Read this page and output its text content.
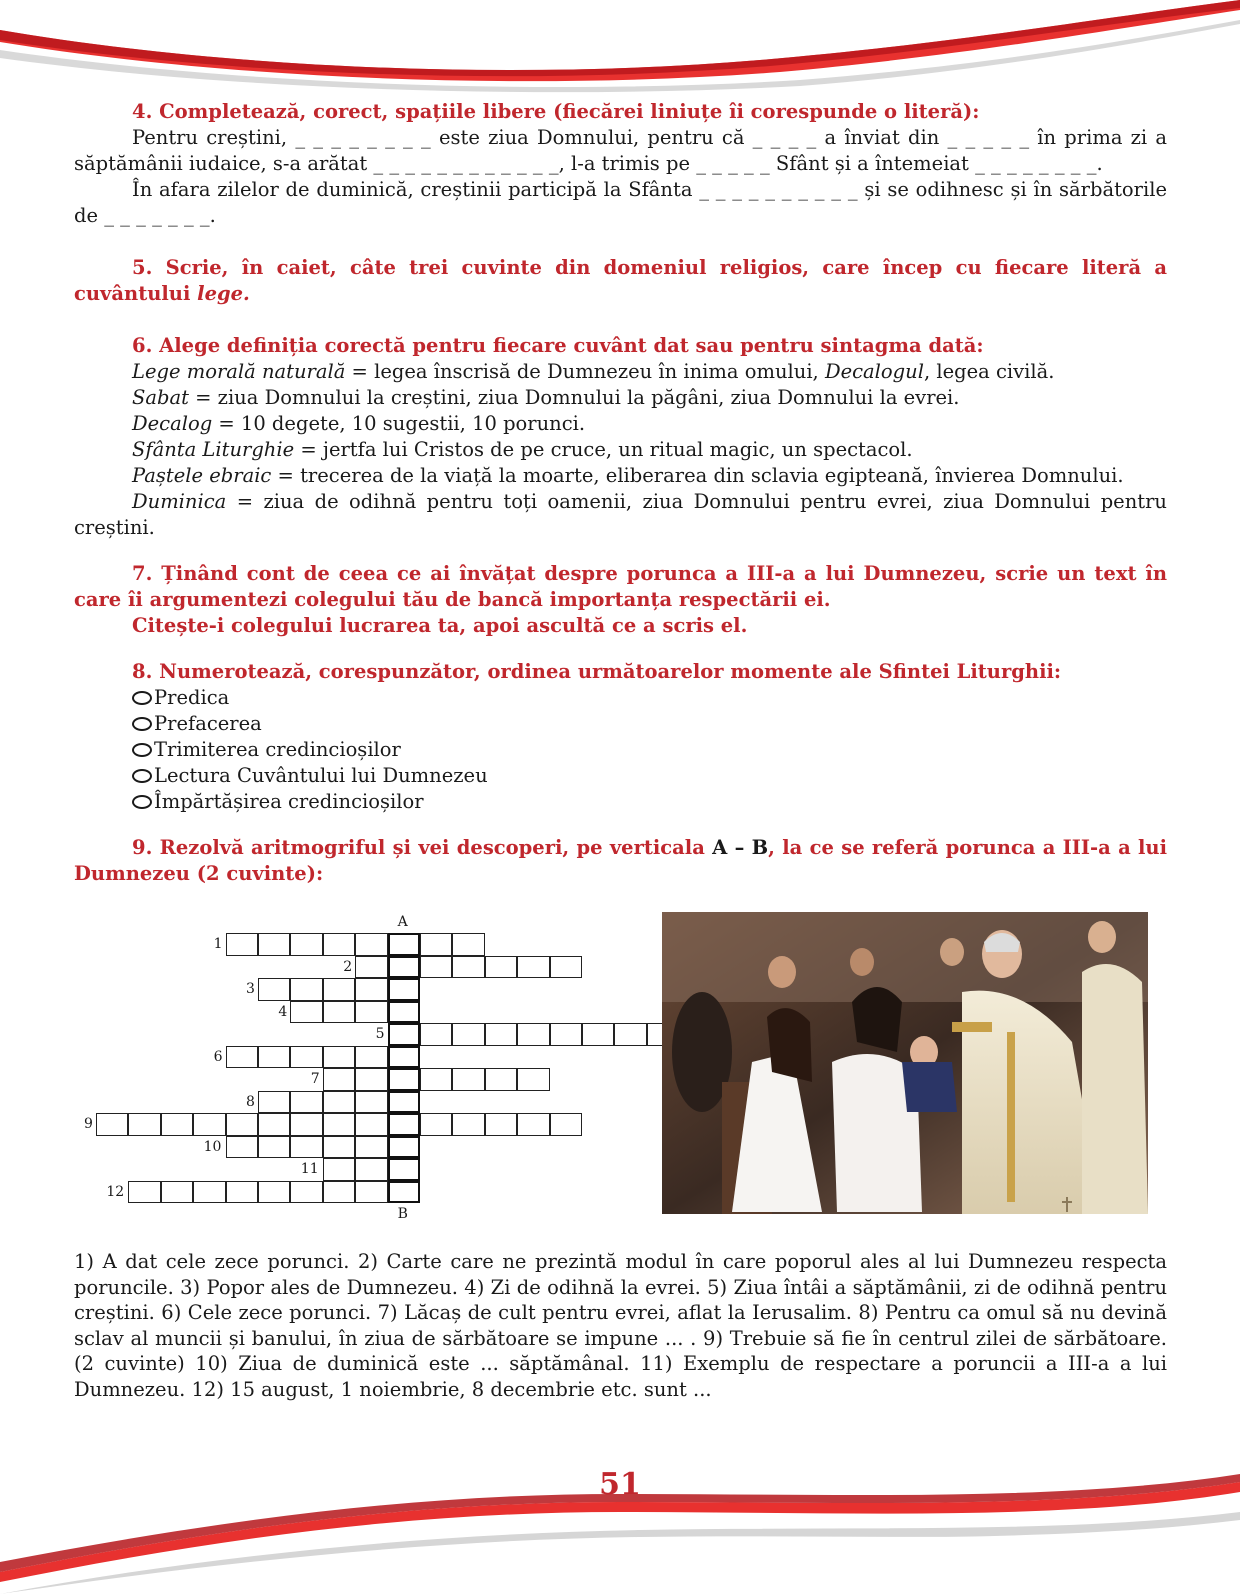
4. Completează, corect, spațiile libere (fiecărei liniuțe îi corespunde o literă):

Pentru creștini, _ _ _ _ _ _ _ _ este ziua Domnului, pentru că _ _ _ _ a înviat din _ _ _ _ _ în prima zi a săptămânii iudaice, s-a arătat _ _ _ _ _ _ _ _ _ _ _ _, l-a trimis pe _ _ _ _ _ Sfânt și a întemeiat _ _ _ _ _ _ _ _.

În afara zilelor de duminică, creștinii participă la Sfânta _ _ _ _ _ _ _ _ _ _ și se odihnesc și în sărbătorile de _ _ _ _ _ _ _.

5. Scrie, în caiet, câte trei cuvinte din domeniul religios, care încep cu fiecare literă a cuvântului lege.

6. Alege definiția corectă pentru fiecare cuvânt dat sau pentru sintagma dată:

Lege morală naturală = legea înscrisă de Dumnezeu în inima omului, Decalogul, legea civilă.

Sabat = ziua Domnului la creștini, ziua Domnului la păgâni, ziua Domnului la evrei.

Decalog = 10 degete, 10 sugestii, 10 porunci.

Sfânta Liturghie = jertfa lui Cristos de pe cruce, un ritual magic, un spectacol.

Paștele ebraic = trecerea de la viață la moarte, eliberarea din sclavia egipteană, învierea Domnului.

Duminica = ziua de odihnă pentru toți oamenii, ziua Domnului pentru evrei, ziua Domnului pentru creștini.

7. Ținând cont de ceea ce ai învățat despre porunca a III-a a lui Dumnezeu, scrie un text în care îi argumentezi colegului tău de bancă importanța respectării ei.

Citește-i colegului lucrarea ta, apoi ascultă ce a scris el.

8. Numerotează, corespunzător, ordinea următoarelor momente ale Sfintei Liturghii:

Predica
Prefacerea
Trimiterea credincioșilor
Lectura Cuvântului lui Dumnezeu
Împărtășirea credincioșilor

9. Rezolvă aritmogriful și vei descoperi, pe verticala A – B, la ce se referă porunca a III-a a lui Dumnezeu (2 cuvinte):

A
B
1
2
3
4
5
6
7
8
9
10
11
12
1) A dat cele zece porunci. 2) Carte care ne prezintă modul în care poporul ales al lui Dumnezeu respecta poruncile. 3) Popor ales de Dumnezeu. 4) Zi de odihnă la evrei. 5) Ziua întâi a săptămânii, zi de odihnă pentru creștini. 6) Cele zece porunci. 7) Lăcaș de cult pentru evrei, aflat la Ierusalim. 8) Pentru ca omul să nu devină sclav al muncii și banului, în ziua de sărbătoare se impune ... . 9) Trebuie să fie în centrul zilei de sărbătoare. (2 cuvinte) 10) Ziua de duminică este ... săptămânal. 11) Exemplu de respectare a poruncii a III-a a lui Dumnezeu. 12) 15 august, 1 noiembrie, 8 decembrie etc. sunt ...
51
